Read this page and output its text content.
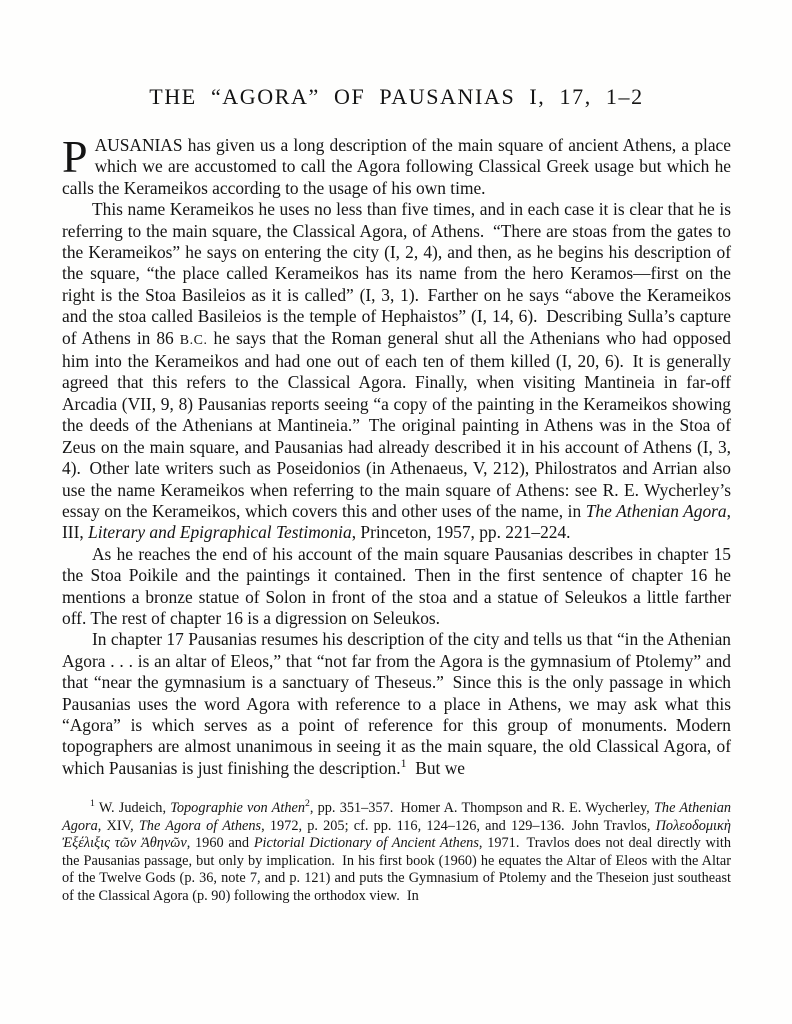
THE “AGORA” OF PAUSANIAS I, 17, 1–2

PAUSANIAS has given us a long description of the main square of ancient Athens, a place which we are accustomed to call the Agora following Classical Greek usage but which he calls the Kerameikos according to the usage of his own time.

This name Kerameikos he uses no less than five times, and in each case it is clear that he is referring to the main square, the Classical Agora, of Athens. “There are stoas from the gates to the Kerameikos” he says on entering the city (I, 2, 4), and then, as he begins his description of the square, “the place called Kerameikos has its name from the hero Keramos—first on the right is the Stoa Basileios as it is called” (I, 3, 1). Farther on he says “above the Kerameikos and the stoa called Basileios is the temple of Hephaistos” (I, 14, 6). Describing Sulla’s capture of Athens in 86 B.C. he says that the Roman general shut all the Athenians who had opposed him into the Kerameikos and had one out of each ten of them killed (I, 20, 6). It is generally agreed that this refers to the Classical Agora. Finally, when visiting Mantineia in far-off Arcadia (VII, 9, 8) Pausanias reports seeing “a copy of the painting in the Kerameikos showing the deeds of the Athenians at Mantineia.” The original painting in Athens was in the Stoa of Zeus on the main square, and Pausanias had already described it in his account of Athens (I, 3, 4). Other late writers such as Poseidonios (in Athenaeus, V, 212), Philostratos and Arrian also use the name Kerameikos when referring to the main square of Athens: see R. E. Wycherley’s essay on the Kerameikos, which covers this and other uses of the name, in The Athenian Agora, III, Literary and Epigraphical Testimonia, Princeton, 1957, pp. 221–224.

As he reaches the end of his account of the main square Pausanias describes in chapter 15 the Stoa Poikile and the paintings it contained. Then in the first sentence of chapter 16 he mentions a bronze statue of Solon in front of the stoa and a statue of Seleukos a little farther off. The rest of chapter 16 is a digression on Seleukos.

In chapter 17 Pausanias resumes his description of the city and tells us that “in the Athenian Agora . . . is an altar of Eleos,” that “not far from the Agora is the gymnasium of Ptolemy” and that “near the gymnasium is a sanctuary of Theseus.” Since this is the only passage in which Pausanias uses the word Agora with reference to a place in Athens, we may ask what this “Agora” is which serves as a point of reference for this group of monuments. Modern topographers are almost unanimous in seeing it as the main square, the old Classical Agora, of which Pausanias is just finishing the description.$^1$ But we

$^1$ W. Judeich, Topographie von Athen$^2$, pp. 351–357. Homer A. Thompson and R. E. Wycherley, The Athenian Agora, XIV, The Agora of Athens, 1972, p. 205; cf. pp. 116, 124–126, and 129–136. John Travlos, Πολεοδομικὴ Ἐξέλιξις τῶν Ἀθηνῶν, 1960 and Pictorial Dictionary of Ancient Athens, 1971. Travlos does not deal directly with the Pausanias passage, but only by implication. In his first book (1960) he equates the Altar of Eleos with the Altar of the Twelve Gods (p. 36, note 7, and p. 121) and puts the Gymnasium of Ptolemy and the Theseion just southeast of the Classical Agora (p. 90) following the orthodox view. In
